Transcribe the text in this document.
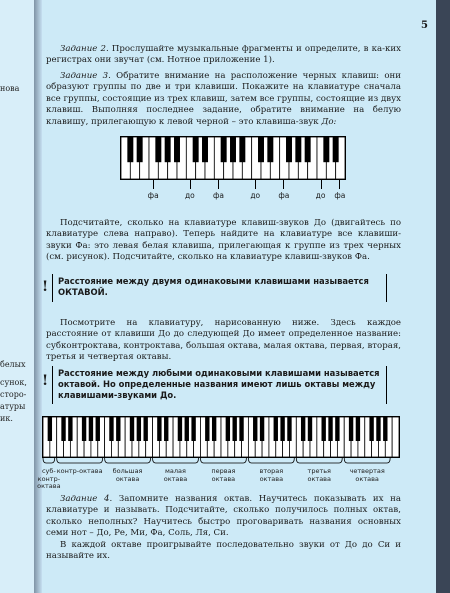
нова
белых
сунок,
сторо-
атуры
ик.
5
Задание 2. Прослушайте музыкальные фрагменты и определите, в ка-ких регистрах они звучат (см. Нотное приложение 1).
Задание 3. Обратите внимание на расположение черных клавиш: они образуют группы по две и три клавиши. Покажите на клавиатуре сначала все группы, состоящие из трех клавиш, затем все группы, состоящие из двух клавиш. Выполняя последнее задание, обратите внимание на белую клавишу, прилегающую к левой черной – это клавиша-звук До:
фа	до фа	до фа	до фа
Подсчитайте, сколько на клавиатуре клавиш-звуков До (двигайтесь по клавиатуре слева направо). Теперь найдите на клавиатуре все клавиши-звуки Фа: это левая белая клавиша, прилегающая к группе из трех черных (см. рисунок). Подсчитайте, сколько на клавиатуре клавиш-звуков Фа.
! Расстояние между двумя одинаковыми клавишами называется ОКТАВОЙ.
Посмотрите на клавиатуру, нарисованную ниже. Здесь каждое расстояние от клавиши До до следующей До имеет определенное название: субконтроктава, контроктава, большая октава, малая октава, первая, вторая, третья и четвертая октавы.
! Расстояние между любыми одинаковыми клавишами называется октавой. Но определенные названия имеют лишь октавы между клавишами-звуками До.
суб-контр-октава
контр-октава	большая октава
малая октава
первая октава
вторая октава
третья октава
четвертая октава
Задание 4. Запомните названия октав. Научитесь показывать их на клавиатуре и называть. Подсчитайте, сколько получилось полных октав, сколько неполных? Научитесь быстро проговаривать названия основных семи нот – До, Ре, Ми, Фа, Соль, Ля, Си.
В каждой октаве проигрывайте последовательно звуки от До до Си и называйте их.
